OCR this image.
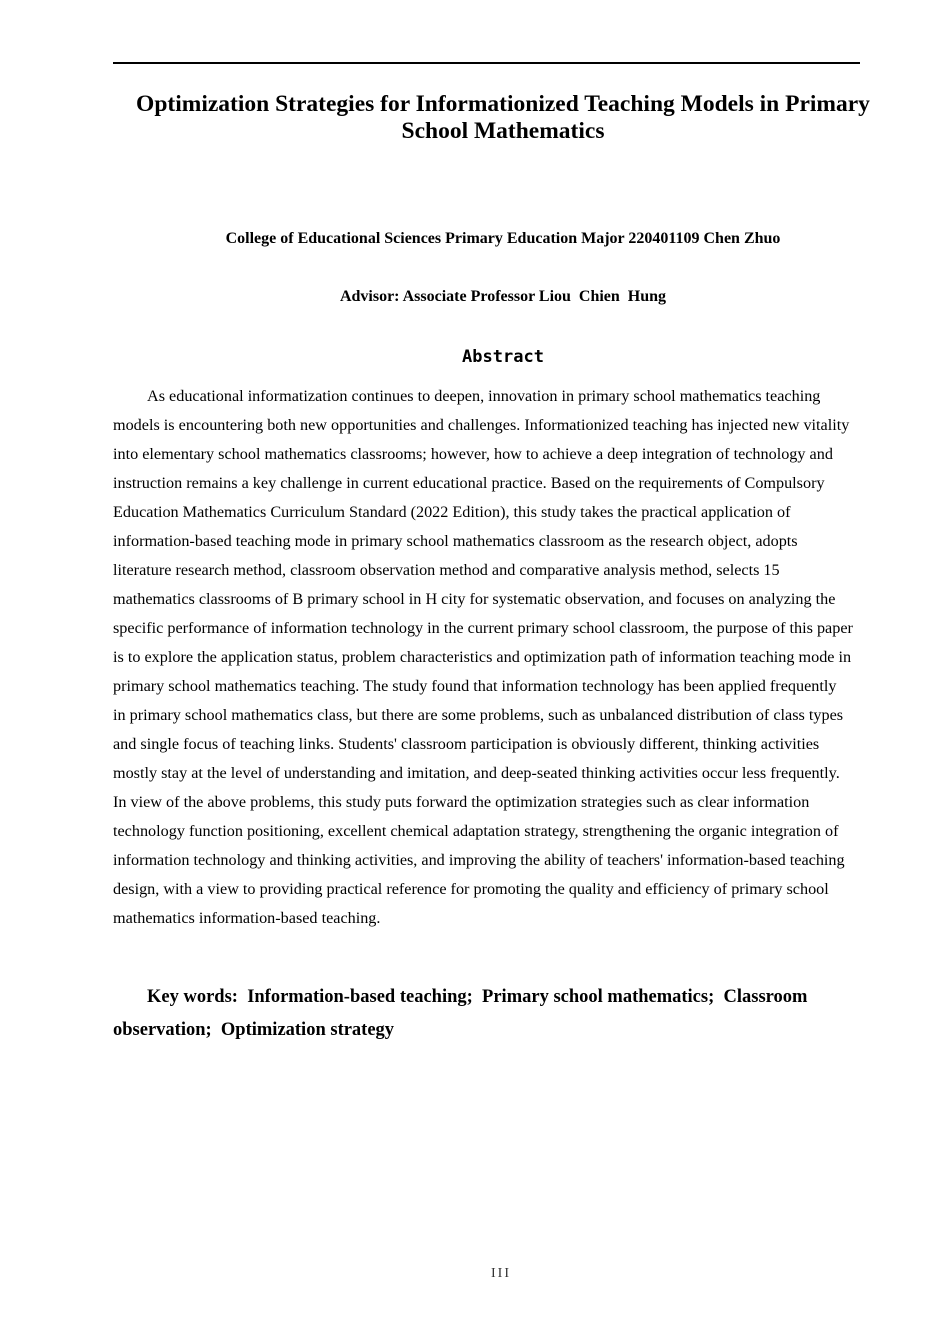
Optimization Strategies for Informationized Teaching Models in Primary School Mathematics

College of Educational Sciences Primary Education Major 220401109 Chen Zhuo

Advisor: Associate Professor Liou  Chien  Hung

Abstract

As educational informatization continues to deepen, innovation in primary school mathematics teaching models is encountering both new opportunities and challenges. Informationized teaching has injected new vitality into elementary school mathematics classrooms; however, how to achieve a deep integration of technology and instruction remains a key challenge in current educational practice. Based on the requirements of Compulsory Education Mathematics Curriculum Standard (2022 Edition), this study takes the practical application of information-based teaching mode in primary school mathematics classroom as the research object, adopts literature research method, classroom observation method and comparative analysis method, selects 15 mathematics classrooms of B primary school in H city for systematic observation, and focuses on analyzing the specific performance of information technology in the current primary school classroom, the purpose of this paper is to explore the application status, problem characteristics and optimization path of information teaching mode in primary school mathematics teaching. The study found that information technology has been applied frequently in primary school mathematics class, but there are some problems, such as unbalanced distribution of class types and single focus of teaching links. Students' classroom participation is obviously different, thinking activities mostly stay at the level of understanding and imitation, and deep-seated thinking activities occur less frequently. In view of the above problems, this study puts forward the optimization strategies such as clear information technology function positioning, excellent chemical adaptation strategy, strengthening the organic integration of information technology and thinking activities, and improving the ability of teachers' information-based teaching design, with a view to providing practical reference for promoting the quality and efficiency of primary school mathematics information-based teaching.

Key words:  Information-based teaching;  Primary school mathematics;  Classroom observation;  Optimization strategy

III
